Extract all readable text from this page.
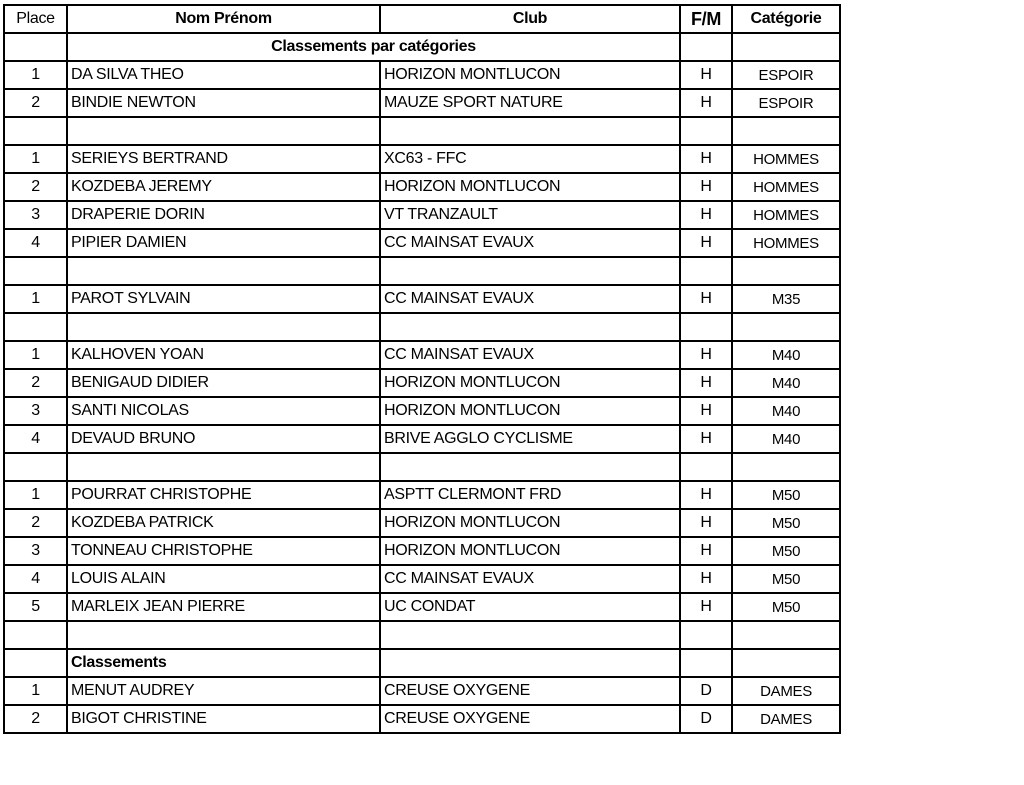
Place	Nom Prénom	Club	F/M	Catégorie
	Classements par catégories			
1	DA SILVA THEO	HORIZON MONTLUCON	H	ESPOIR
2	BINDIE NEWTON	MAUZE SPORT NATURE	H	ESPOIR

1	SERIEYS BERTRAND	XC63 - FFC	H	HOMMES
2	KOZDEBA JEREMY	HORIZON MONTLUCON	H	HOMMES
3	DRAPERIE DORIN	VT TRANZAULT	H	HOMMES
4	PIPIER DAMIEN	CC MAINSAT EVAUX	H	HOMMES

1	PAROT SYLVAIN	CC MAINSAT EVAUX	H	M35

1	KALHOVEN YOAN	CC MAINSAT EVAUX	H	M40
2	BENIGAUD DIDIER	HORIZON MONTLUCON	H	M40
3	SANTI NICOLAS	HORIZON MONTLUCON	H	M40
4	DEVAUD BRUNO	BRIVE AGGLO CYCLISME	H	M40

1	POURRAT CHRISTOPHE	ASPTT CLERMONT FRD	H	M50
2	KOZDEBA PATRICK	HORIZON MONTLUCON	H	M50
3	TONNEAU CHRISTOPHE	HORIZON MONTLUCON	H	M50
4	LOUIS ALAIN	CC MAINSAT EVAUX	H	M50
5	MARLEIX JEAN PIERRE	UC CONDAT	H	M50

	Classements			
1	MENUT AUDREY	CREUSE OXYGENE	D	DAMES
2	BIGOT CHRISTINE	CREUSE OXYGENE	D	DAMES
